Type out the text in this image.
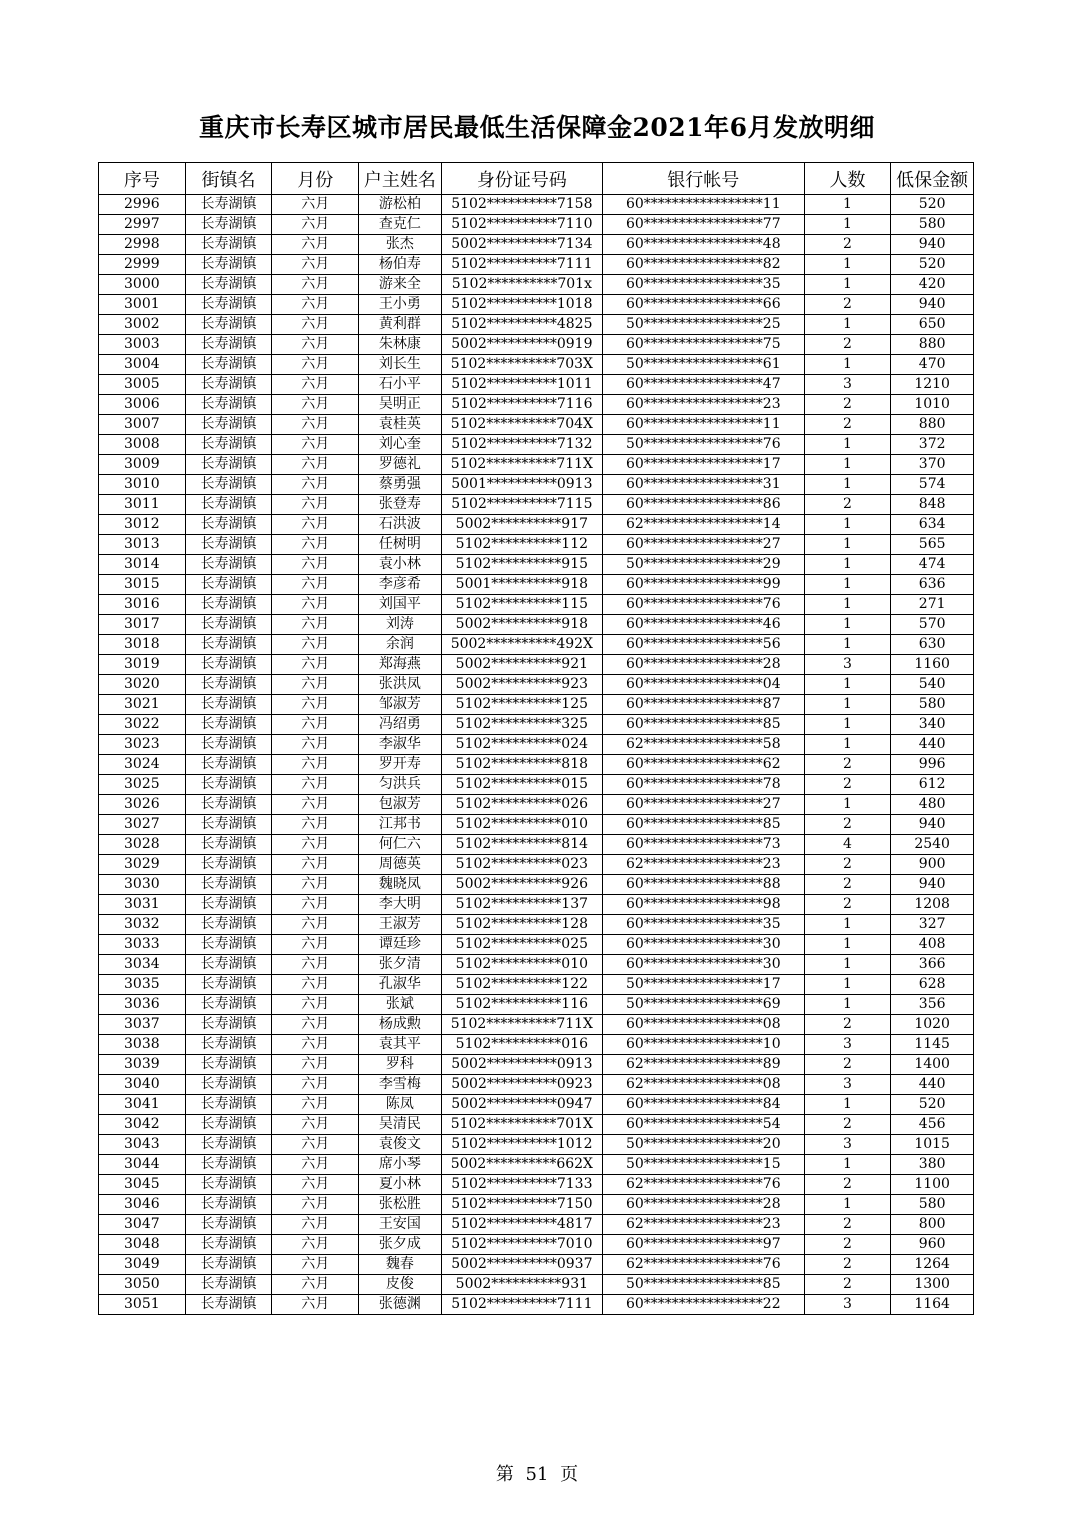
重庆市长寿区城市居民最低生活保障金2021年6月发放明细
序号	街镇名	月份	户主姓名	身份证号码	银行帐号	人数	低保金额
2996	长寿湖镇	六月	游松柏	5102**********7158	60*****************11	1	520
2997	长寿湖镇	六月	查克仁	5102**********7110	60*****************77	1	580
2998	长寿湖镇	六月	张杰	5002**********7134	60*****************48	2	940
2999	长寿湖镇	六月	杨伯寿	5102**********7111	60*****************82	1	520
3000	长寿湖镇	六月	游来全	5102**********701x	60*****************35	1	420
3001	长寿湖镇	六月	王小勇	5102**********1018	60*****************66	2	940
3002	长寿湖镇	六月	黄利群	5102**********4825	50*****************25	1	650
3003	长寿湖镇	六月	朱林康	5002**********0919	60*****************75	2	880
3004	长寿湖镇	六月	刘长生	5102**********703X	50*****************61	1	470
3005	长寿湖镇	六月	石小平	5102**********1011	60*****************47	3	1210
3006	长寿湖镇	六月	吴明正	5102**********7116	60*****************23	2	1010
3007	长寿湖镇	六月	袁桂英	5102**********704X	60*****************11	2	880
3008	长寿湖镇	六月	刘心奎	5102**********7132	50*****************76	1	372
3009	长寿湖镇	六月	罗德礼	5102**********711X	60*****************17	1	370
3010	长寿湖镇	六月	蔡勇强	5001**********0913	60*****************31	1	574
3011	长寿湖镇	六月	张登寿	5102**********7115	60*****************86	2	848
3012	长寿湖镇	六月	石洪波	5002**********917	62*****************14	1	634
3013	长寿湖镇	六月	任树明	5102**********112	60*****************27	1	565
3014	长寿湖镇	六月	袁小林	5102**********915	50*****************29	1	474
3015	长寿湖镇	六月	李彦希	5001**********918	60*****************99	1	636
3016	长寿湖镇	六月	刘国平	5102**********115	60*****************76	1	271
3017	长寿湖镇	六月	刘涛	5002**********918	60*****************46	1	570
3018	长寿湖镇	六月	余润	5002**********492X	60*****************56	1	630
3019	长寿湖镇	六月	郑海燕	5002**********921	60*****************28	3	1160
3020	长寿湖镇	六月	张洪凤	5002**********923	60*****************04	1	540
3021	长寿湖镇	六月	邹淑芳	5102**********125	60*****************87	1	580
3022	长寿湖镇	六月	冯绍勇	5102**********325	60*****************85	1	340
3023	长寿湖镇	六月	李淑华	5102**********024	62*****************58	1	440
3024	长寿湖镇	六月	罗开寿	5102**********818	60*****************62	2	996
3025	长寿湖镇	六月	匀洪兵	5102**********015	60*****************78	2	612
3026	长寿湖镇	六月	包淑芳	5102**********026	60*****************27	1	480
3027	长寿湖镇	六月	江邦书	5102**********010	60*****************85	2	940
3028	长寿湖镇	六月	何仁六	5102**********814	60*****************73	4	2540
3029	长寿湖镇	六月	周德英	5102**********023	62*****************23	2	900
3030	长寿湖镇	六月	魏晓凤	5002**********926	60*****************88	2	940
3031	长寿湖镇	六月	李大明	5102**********137	60*****************98	2	1208
3032	长寿湖镇	六月	王淑芳	5102**********128	60*****************35	1	327
3033	长寿湖镇	六月	谭廷珍	5102**********025	60*****************30	1	408
3034	长寿湖镇	六月	张夕清	5102**********010	60*****************30	1	366
3035	长寿湖镇	六月	孔淑华	5102**********122	50*****************17	1	628
3036	长寿湖镇	六月	张斌	5102**********116	50*****************69	1	356
3037	长寿湖镇	六月	杨成勲	5102**********711X	60*****************08	2	1020
3038	长寿湖镇	六月	袁其平	5102**********016	60*****************10	3	1145
3039	长寿湖镇	六月	罗科	5002**********0913	62*****************89	2	1400
3040	长寿湖镇	六月	李雪梅	5002**********0923	62*****************08	3	440
3041	长寿湖镇	六月	陈凤	5002**********0947	60*****************84	1	520
3042	长寿湖镇	六月	吴清民	5102**********701X	60*****************54	2	456
3043	长寿湖镇	六月	袁俊文	5102**********1012	50*****************20	3	1015
3044	长寿湖镇	六月	席小琴	5002**********662X	50*****************15	1	380
3045	长寿湖镇	六月	夏小林	5102**********7133	62*****************76	2	1100
3046	长寿湖镇	六月	张松胜	5102**********7150	60*****************28	1	580
3047	长寿湖镇	六月	王安国	5102**********4817	62*****************23	2	800
3048	长寿湖镇	六月	张夕成	5102**********7010	60*****************97	2	960
3049	长寿湖镇	六月	魏春	5002**********0937	62*****************76	2	1264
3050	长寿湖镇	六月	皮俊	5002**********931	50*****************85	2	1300
3051	长寿湖镇	六月	张德渊	5102**********7111	60*****************22	3	1164
第 51 页
